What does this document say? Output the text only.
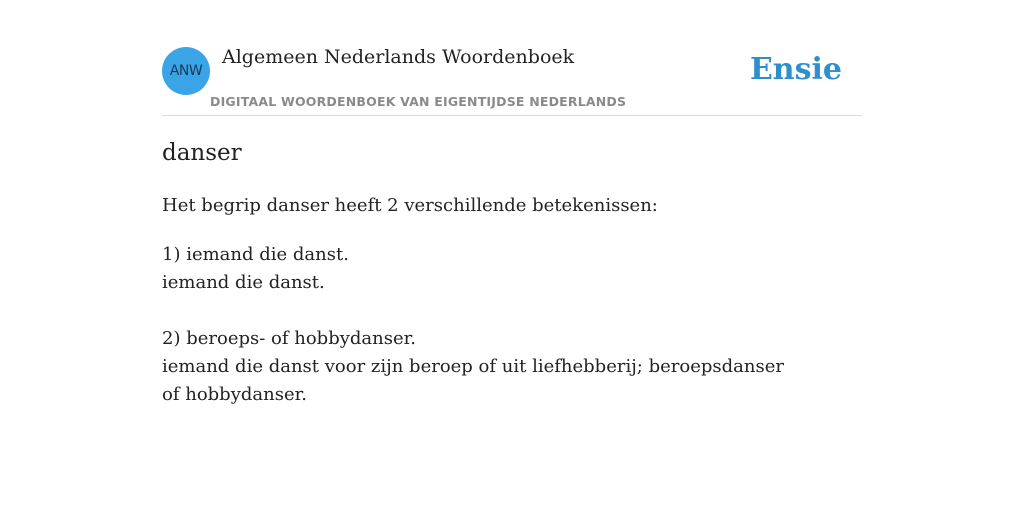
ANW
Algemeen Nederlands Woordenboek
DIGITAAL WOORDENBOEK VAN EIGENTIJDSE NEDERLANDS
Ensie
danser
Het begrip danser heeft 2 verschillende betekenissen:
1) iemand die danst.
iemand die danst.
2) beroeps- of hobbydanser.
iemand die danst voor zijn beroep of uit liefhebberij; beroepsdanser of hobbydanser.
